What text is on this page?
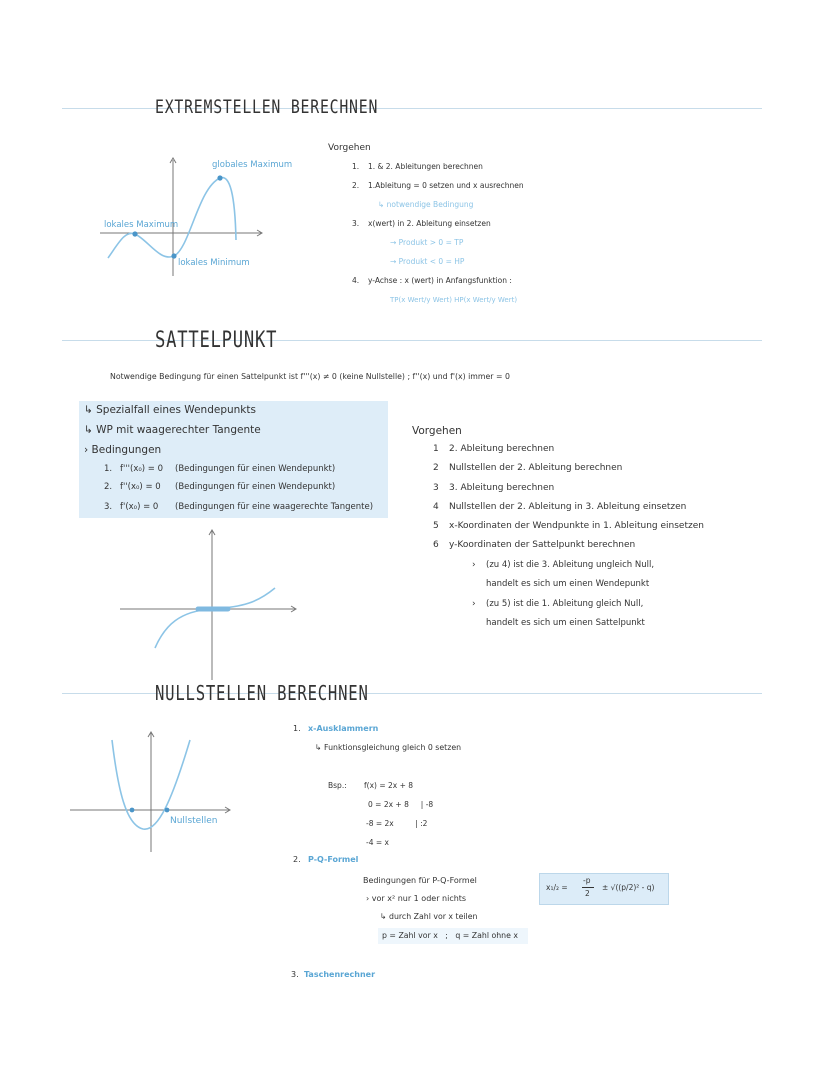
EXTREMSTELLEN BERECHNEN
globales Maximum
lokales Maximum
lokales Minimum
Vorgehen
1. 1. & 2. Ableitungen berechnen
2. 1.Ableitung = 0 setzen und x ausrechnen
↳ notwendige Bedingung
3. x(wert) in 2. Ableitung einsetzen
→ Produkt > 0 = TP
→ Produkt < 0 = HP
4. y-Achse : x (wert) in Anfangsfunktion :
TP(x Wert/y Wert) HP(x Wert/y Wert)
SATTELPUNKT
Notwendige Bedingung für einen Sattelpunkt ist f'''(x) ≠ 0 (keine Nullstelle) ; f''(x) und f'(x) immer = 0
↳ Spezialfall eines Wendepunkts
↳ WP mit waagerechter Tangente
› Bedingungen
1. f'''(x₀) = 0 (Bedingungen für einen Wendepunkt)
2. f''(x₀) = 0 (Bedingungen für einen Wendepunkt)
3. f'(x₀) = 0 (Bedingungen für eine waagerechte Tangente)
Vorgehen
1 2. Ableitung berechnen
2 Nullstellen der 2. Ableitung berechnen
3 3. Ableitung berechnen
4 Nullstellen der 2. Ableitung in 3. Ableitung einsetzen
5 x-Koordinaten der Wendpunkte in 1. Ableitung einsetzen
6 y-Koordinaten der Sattelpunkt berechnen
› (zu 4) ist die 3. Ableitung ungleich Null,
handelt es sich um einen Wendepunkt
› (zu 5) ist die 1. Ableitung gleich Null,
handelt es sich um einen Sattelpunkt
NULLSTELLEN BERECHNEN
Nullstellen
1. x-Ausklammern
↳ Funktionsgleichung gleich 0 setzen
Bsp.: f(x) = 2x + 8
0 = 2x + 8     | -8
-8 = 2x         | :2
-4 = x
2. P-Q-Formel
Bedingungen für P-Q-Formel
› vor x² nur 1 oder nichts
↳ durch Zahl vor x teilen
p = Zahl vor x   ;   q = Zahl ohne x
x₁/₂ =
-p
2
± √((p/2)² - q)
3. Taschenrechner
